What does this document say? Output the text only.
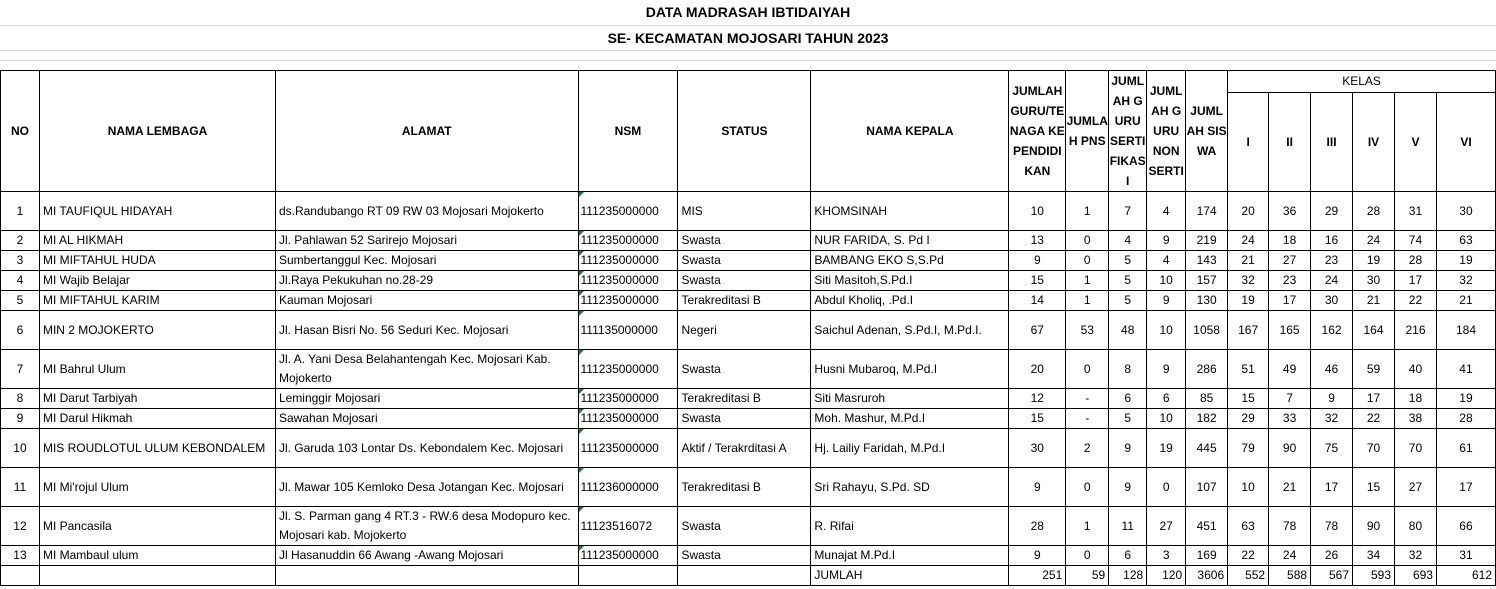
DATA MADRASAH IBTIDAIYAH
SE- KECAMATAN MOJOSARI TAHUN 2023
NO	NAMA LEMBAGA	ALAMAT	NSM	STATUS	NAMA KEPALA	JUMLAH GURU/TENAGA KEPENDIDIKAN	JUMLAH PNS	JUMLAH GURU SERTIFIKASI	JUMLAH GURU NON SERTI	JUMLAH SISWA	KELAS					
											I	II	III	IV	V	VI
1	MI TAUFIQUL HIDAYAH	ds.Randubango RT 09 RW 03 Mojosari Mojokerto	111235000000	MIS	KHOMSINAH	10	1	7	4	174	20	36	29	28	31	30
2	MI AL HIKMAH	Jl. Pahlawan 52 Sarirejo Mojosari	111235000000	Swasta	NUR FARIDA, S. Pd I	13	0	4	9	219	24	18	16	24	74	63
3	MI MIFTAHUL HUDA	Sumbertanggul Kec. Mojosari	111235000000	Swasta	BAMBANG EKO S,S.Pd	9	0	5	4	143	21	27	23	19	28	19
4	MI Wajib Belajar	Jl.Raya Pekukuhan no.28-29	111235000000	Swasta	Siti Masitoh,S.Pd.I	15	1	5	10	157	32	23	24	30	17	32
5	MI MIFTAHUL KARIM	Kauman Mojosari	111235000000	Terakreditasi B	Abdul Kholiq, .Pd.I	14	1	5	9	130	19	17	30	21	22	21
6	MIN 2 MOJOKERTO	Jl. Hasan Bisri No. 56 Seduri Kec. Mojosari	111135000000	Negeri	Saichul Adenan, S.Pd.I, M.Pd.I.	67	53	48	10	1058	167	165	162	164	216	184
7	MI Bahrul Ulum	Jl. A. Yani Desa Belahantengah Kec. Mojosari Kab. Mojokerto	111235000000	Swasta	Husni Mubaroq, M.Pd.I	20	0	8	9	286	51	49	46	59	40	41
8	MI Darut Tarbiyah	Leminggir Mojosari	111235000000	Terakreditasi B	Siti Masruroh	12	-	6	6	85	15	7	9	17	18	19
9	MI Darul Hikmah	Sawahan Mojosari	111235000000	Swasta	Moh. Mashur, M.Pd.I	15	-	5	10	182	29	33	32	22	38	28
10	MIS ROUDLOTUL ULUM KEBONDALEM	Jl. Garuda 103 Lontar Ds. Kebondalem Kec. Mojosari	111235000000	Aktif / Terakrditasi A	Hj. Lailiy Faridah, M.Pd.I	30	2	9	19	445	79	90	75	70	70	61
11	MI Mi'rojul Ulum	Jl. Mawar 105 Kemloko Desa Jotangan Kec. Mojosari	111236000000	Terakreditasi B	Sri Rahayu, S.Pd. SD	9	0	9	0	107	10	21	17	15	27	17
12	MI Pancasila	Jl. S. Parman gang 4 RT.3 - RW.6 desa Modopuro kec. Mojosari kab. Mojokerto	11123516072	Swasta	R. Rifai	28	1	11	27	451	63	78	78	90	80	66
13	MI Mambaul ulum	Jl Hasanuddin 66 Awang -Awang Mojosari	111235000000	Swasta	Munajat M.Pd.I	9	0	6	3	169	22	24	26	34	32	31
					JUMLAH	251	59	128	120	3606	552	588	567	593	693	612
